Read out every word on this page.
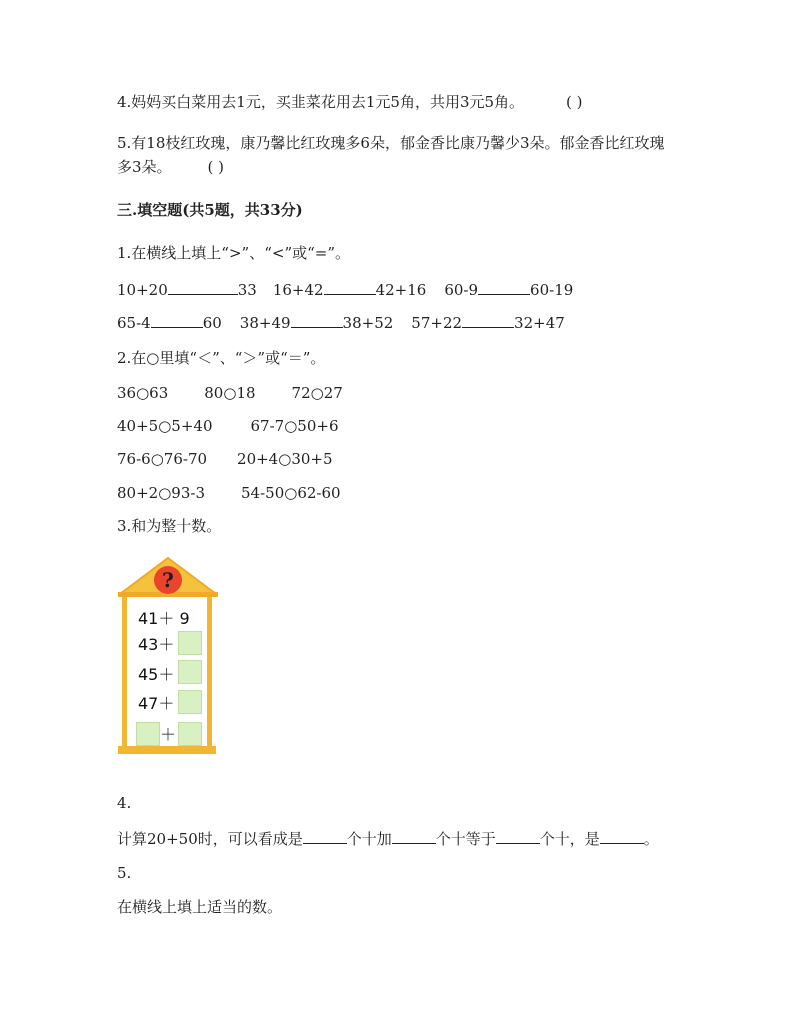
4.妈妈买白菜用去1元，买韭菜花用去1元5角，共用3元5角。	( )
5.有18枝红玫瑰，康乃馨比红玫瑰多6朵，郁金香比康乃馨少3朵。郁金香比红玫瑰
多3朵。 ( )
三.填空题(共5题，共33分)
1.在横线上填上“>”、“<”或“=”。
10+20	33 16+42	42+16 60-9	60-19
65-4	60 38+49	38+52 57+22	32+47
2.在○里填“＜”、“＞”或“＝”。
36○63 80○18 72○27
40+5○5+40	67-7○50+6
76-6○76-70 20+4○30+5
80+2○93-3 54-50○62-60
3.和为整十数。
?
41＋ 9
43＋
45＋
47＋
＋
4.
计算20+50时，可以看成是	个十加	个十等于	个十，是	。
5.
在横线上填上适当的数。
